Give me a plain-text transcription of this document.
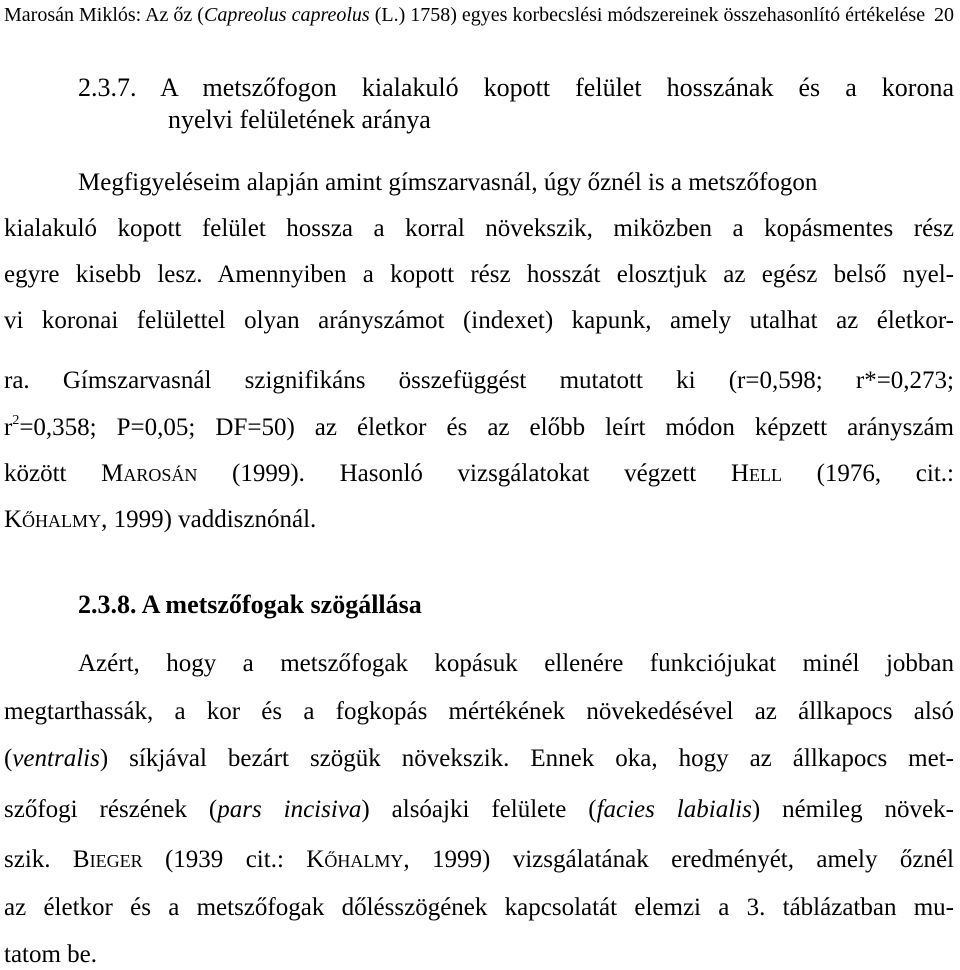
Marosán Miklós: Az őz (Capreolus capreolus (L.) 1758) egyes korbecslési módszereinek összehasonlító értékelése 20
2.3.7. A metszőfogon kialakuló kopott felület hosszának és a korona
nyelvi felületének aránya
Megfigyeléseim alapján amint gímszarvasnál, úgy őznél is a metszőfogon
kialakuló kopott felület hossza a korral növekszik, miközben a kopásmentes rész
egyre kisebb lesz. Amennyiben a kopott rész hosszát elosztjuk az egész belső nyel-
vi koronai felülettel olyan arányszámot (indexet) kapunk, amely utalhat az életkor-
ra. Gímszarvasnál szignifikáns összefüggést mutatott ki (r=0,598; r*=0,273;
$r^2=0,358$; P=0,05; DF=50) az életkor és az előbb leírt módon képzett arányszám
között Marosán (1999). Hasonló vizsgálatokat végzett Hell (1976, cit.:
Kőhalmy, 1999) vaddisznónál.
2.3.8. A metszőfogak szögállása
Azért, hogy a metszőfogak kopásuk ellenére funkciójukat minél jobban
megtarthassák, a kor és a fogkopás mértékének növekedésével az állkapocs alsó
(ventralis) síkjával bezárt szögük növekszik. Ennek oka, hogy az állkapocs met-
szőfogi részének (pars incisiva) alsóajki felülete (facies labialis) némileg növek-
szik. Bieger (1939 cit.: Kőhalmy, 1999) vizsgálatának eredményét, amely őznél
az életkor és a metszőfogak dőlésszögének kapcsolatát elemzi a 3. táblázatban mu-
tatom be.
